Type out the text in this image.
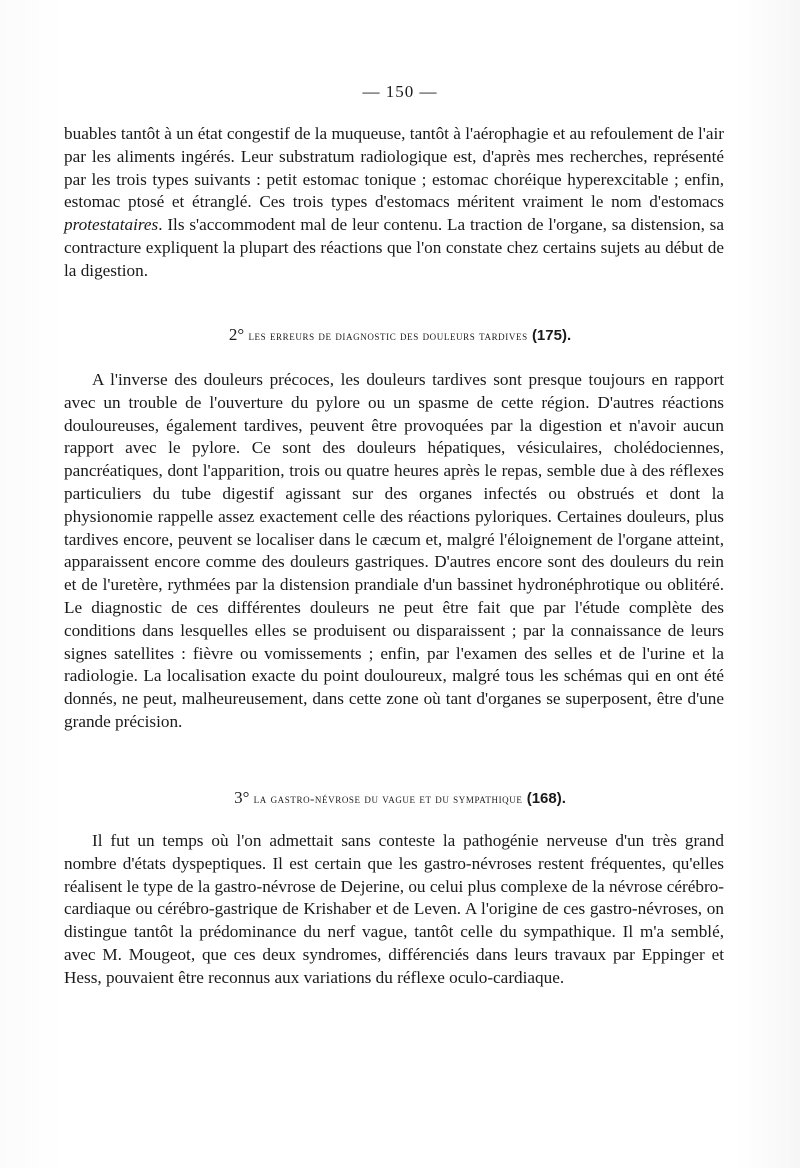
— 150 —
buables tantôt à un état congestif de la muqueuse, tantôt à l'aérophagie et au refoulement de l'air par les aliments ingérés. Leur substratum radiologique est, d'après mes recherches, représenté par les trois types suivants : petit estomac tonique ; estomac choréique hyperexcitable ; enfin, estomac ptosé et étranglé. Ces trois types d'estomacs méritent vraiment le nom d'estomacs protestataires. Ils s'accommodent mal de leur contenu. La traction de l'organe, sa distension, sa contracture expliquent la plupart des réactions que l'on constate chez certains sujets au début de la digestion.
2° les erreurs de diagnostic des douleurs tardives (175).
A l'inverse des douleurs précoces, les douleurs tardives sont presque toujours en rapport avec un trouble de l'ouverture du pylore ou un spasme de cette région. D'autres réactions douloureuses, également tardives, peuvent être provoquées par la digestion et n'avoir aucun rapport avec le pylore. Ce sont des douleurs hépatiques, vésiculaires, cholédociennes, pancréatiques, dont l'apparition, trois ou quatre heures après le repas, semble due à des réflexes particuliers du tube digestif agissant sur des organes infectés ou obstrués et dont la physionomie rappelle assez exactement celle des réactions pyloriques. Certaines douleurs, plus tardives encore, peuvent se localiser dans le cæcum et, malgré l'éloignement de l'organe atteint, apparaissent encore comme des douleurs gastriques. D'autres encore sont des douleurs du rein et de l'uretère, rythmées par la distension prandiale d'un bassinet hydronéphrotique ou oblitéré. Le diagnostic de ces différentes douleurs ne peut être fait que par l'étude complète des conditions dans lesquelles elles se produisent ou disparaissent ; par la connaissance de leurs signes satellites : fièvre ou vomissements ; enfin, par l'examen des selles et de l'urine et la radiologie. La localisation exacte du point douloureux, malgré tous les schémas qui en ont été donnés, ne peut, malheureusement, dans cette zone où tant d'organes se superposent, être d'une grande précision.
3° la gastro-névrose du vague et du sympathique (168).
Il fut un temps où l'on admettait sans conteste la pathogénie nerveuse d'un très grand nombre d'états dyspeptiques. Il est certain que les gastro-névroses restent fréquentes, qu'elles réalisent le type de la gastro-névrose de Dejerine, ou celui plus complexe de la névrose cérébro-cardiaque ou cérébro-gastrique de Krishaber et de Leven. A l'origine de ces gastro-névroses, on distingue tantôt la prédominance du nerf vague, tantôt celle du sympathique. Il m'a semblé, avec M. Mougeot, que ces deux syndromes, différenciés dans leurs travaux par Eppinger et Hess, pouvaient être reconnus aux variations du réflexe oculo-cardiaque.
